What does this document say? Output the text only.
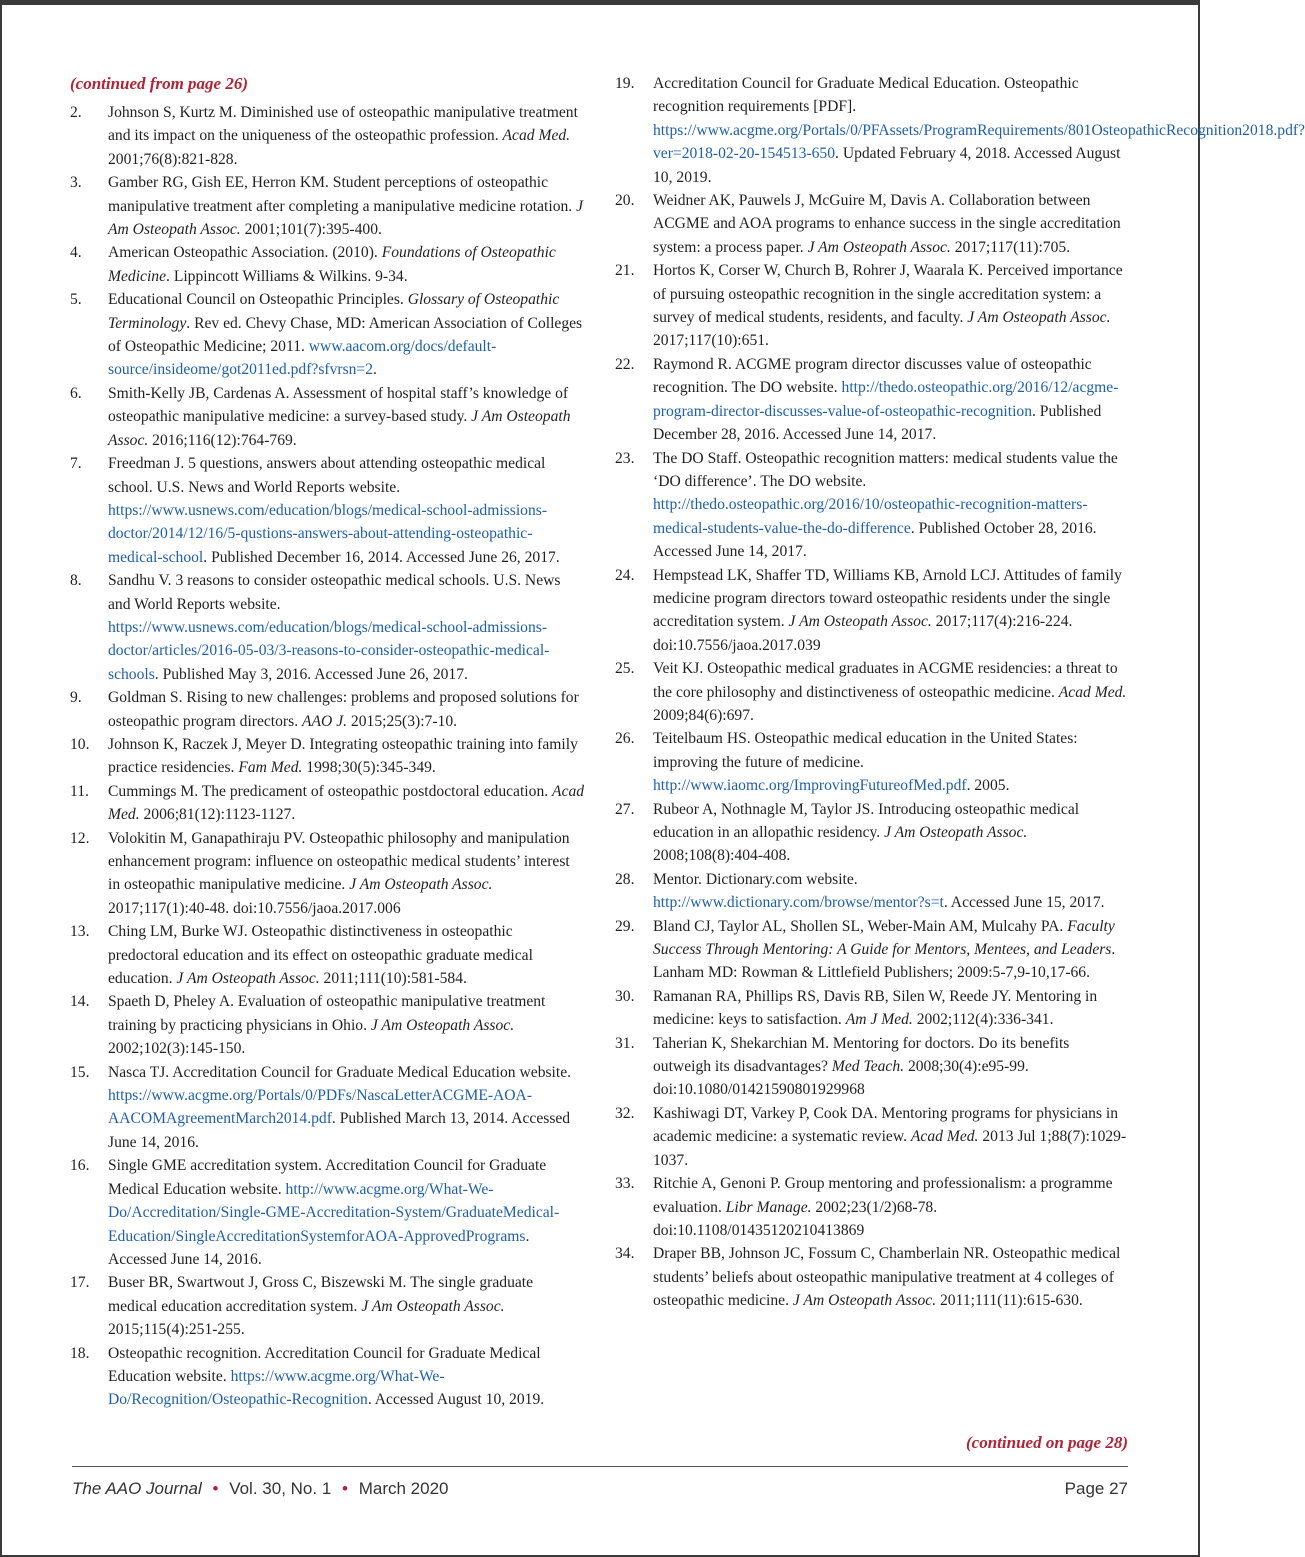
(continued from page 26)

2.	Johnson S, Kurtz M. Diminished use of osteopathic manipulative treatment and its impact on the uniqueness of the osteopathic profession. Acad Med. 2001;76(8):821-828.
3.	Gamber RG, Gish EE, Herron KM. Student perceptions of osteopathic manipulative treatment after completing a manipulative medicine rotation. J Am Osteopath Assoc. 2001;101(7):395-400.
4.	American Osteopathic Association. (2010). Foundations of Osteopathic Medicine. Lippincott Williams & Wilkins. 9-34.
5.	Educational Council on Osteopathic Principles. Glossary of Osteopathic Terminology. Rev ed. Chevy Chase, MD: American Association of Colleges of Osteopathic Medicine; 2011. www.aacom.org/docs/default-source/insideome/got2011ed.pdf?sfvrsn=2.
6.	Smith-Kelly JB, Cardenas A. Assessment of hospital staff’s knowledge of osteopathic manipulative medicine: a survey-based study. J Am Osteopath Assoc. 2016;116(12):764-769.
7.	Freedman J. 5 questions, answers about attending osteopathic medical school. U.S. News and World Reports website. https://www.usnews.com/education/blogs/medical-school-admissions-doctor/2014/12/16/5-qustions-answers-about-attending-osteopathic-medical-school. Published December 16, 2014. Accessed June 26, 2017.
8.	Sandhu V. 3 reasons to consider osteopathic medical schools. U.S. News and World Reports website. https://www.usnews.com/education/blogs/medical-school-admissions-doctor/articles/2016-05-03/3-reasons-to-consider-osteopathic-medical-schools. Published May 3, 2016. Accessed June 26, 2017.
9.	Goldman S. Rising to new challenges: problems and proposed solutions for osteopathic program directors. AAO J. 2015;25(3):7-10.
10.	Johnson K, Raczek J, Meyer D. Integrating osteopathic training into family practice residencies. Fam Med. 1998;30(5):345-349.
11.	Cummings M. The predicament of osteopathic postdoctoral education. Acad Med. 2006;81(12):1123-1127.
12.	Volokitin M, Ganapathiraju PV. Osteopathic philosophy and manipulation enhancement program: influence on osteopathic medical students’ interest in osteopathic manipulative medicine. J Am Osteopath Assoc. 2017;117(1):40-48. doi:10.7556/jaoa.2017.006
13.	Ching LM, Burke WJ. Osteopathic distinctiveness in osteopathic predoctoral education and its effect on osteopathic graduate medical education. J Am Osteopath Assoc. 2011;111(10):581-584.
14.	Spaeth D, Pheley A. Evaluation of osteopathic manipulative treatment training by practicing physicians in Ohio. J Am Osteopath Assoc. 2002;102(3):145-150.
15.	Nasca TJ. Accreditation Council for Graduate Medical Education website. https://www.acgme.org/Portals/0/PDFs/NascaLetterACGME-AOA-AACOMAgreementMarch2014.pdf. Published March 13, 2014. Accessed June 14, 2016.
16.	Single GME accreditation system. Accreditation Council for Graduate Medical Education website. http://www.acgme.org/What-We-Do/Accreditation/Single-GME-Accreditation-System/GraduateMedical-Education/SingleAccreditationSystemforAOA-ApprovedPrograms. Accessed June 14, 2016.
17.	Buser BR, Swartwout J, Gross C, Biszewski M. The single graduate medical education accreditation system. J Am Osteopath Assoc. 2015;115(4):251-255.
18.	Osteopathic recognition. Accreditation Council for Graduate Medical Education website. https://www.acgme.org/What-We-Do/Recognition/Osteopathic-Recognition. Accessed August 10, 2019.
19.	Accreditation Council for Graduate Medical Education. Osteopathic recognition requirements [PDF]. https://www.acgme.org/Portals/0/PFAssets/ProgramRequirements/801OsteopathicRecognition2018.pdf?ver=2018-02-20-154513-650. Updated February 4, 2018. Accessed August 10, 2019.
20.	Weidner AK, Pauwels J, McGuire M, Davis A. Collaboration between ACGME and AOA programs to enhance success in the single accreditation system: a process paper. J Am Osteopath Assoc. 2017;117(11):705.
21.	Hortos K, Corser W, Church B, Rohrer J, Waarala K. Perceived importance of pursuing osteopathic recognition in the single accreditation system: a survey of medical students, residents, and faculty. J Am Osteopath Assoc. 2017;117(10):651.
22.	Raymond R. ACGME program director discusses value of osteopathic recognition. The DO website. http://thedo.osteopathic.org/2016/12/acgme-program-director-discusses-value-of-osteopathic-recognition. Published December 28, 2016. Accessed June 14, 2017.
23.	The DO Staff. Osteopathic recognition matters: medical students value the ‘DO difference’. The DO website. http://thedo.osteopathic.org/2016/10/osteopathic-recognition-matters-medical-students-value-the-do-difference. Published October 28, 2016. Accessed June 14, 2017.
24.	Hempstead LK, Shaffer TD, Williams KB, Arnold LCJ. Attitudes of family medicine program directors toward osteopathic residents under the single accreditation system. J Am Osteopath Assoc. 2017;117(4):216-224. doi:10.7556/jaoa.2017.039
25.	Veit KJ. Osteopathic medical graduates in ACGME residencies: a threat to the core philosophy and distinctiveness of osteopathic medicine. Acad Med. 2009;84(6):697.
26.	Teitelbaum HS. Osteopathic medical education in the United States: improving the future of medicine. http://www.iaomc.org/ImprovingFutureofMed.pdf. 2005.
27.	Rubeor A, Nothnagle M, Taylor JS. Introducing osteopathic medical education in an allopathic residency. J Am Osteopath Assoc. 2008;108(8):404-408.
28.	Mentor. Dictionary.com website. http://www.dictionary.com/browse/mentor?s=t. Accessed June 15, 2017.
29.	Bland CJ, Taylor AL, Shollen SL, Weber-Main AM, Mulcahy PA. Faculty Success Through Mentoring: A Guide for Mentors, Mentees, and Leaders. Lanham MD: Rowman & Littlefield Publishers; 2009:5-7,9-10,17-66.
30.	Ramanan RA, Phillips RS, Davis RB, Silen W, Reede JY. Mentoring in medicine: keys to satisfaction. Am J Med. 2002;112(4):336-341.
31.	Taherian K, Shekarchian M. Mentoring for doctors. Do its benefits outweigh its disadvantages? Med Teach. 2008;30(4):e95-99. doi:10.1080/01421590801929968
32.	Kashiwagi DT, Varkey P, Cook DA. Mentoring programs for physicians in academic medicine: a systematic review. Acad Med. 2013 Jul 1;88(7):1029-1037.
33.	Ritchie A, Genoni P. Group mentoring and professionalism: a programme evaluation. Libr Manage. 2002;23(1/2)68-78. doi:10.1108/01435120210413869
34.	Draper BB, Johnson JC, Fossum C, Chamberlain NR. Osteopathic medical students’ beliefs about osteopathic manipulative treatment at 4 colleges of osteopathic medicine. J Am Osteopath Assoc. 2011;111(11):615-630.
(continued on page 28)
The AAO Journal • Vol. 30, No. 1 • March 2020	Page 27
